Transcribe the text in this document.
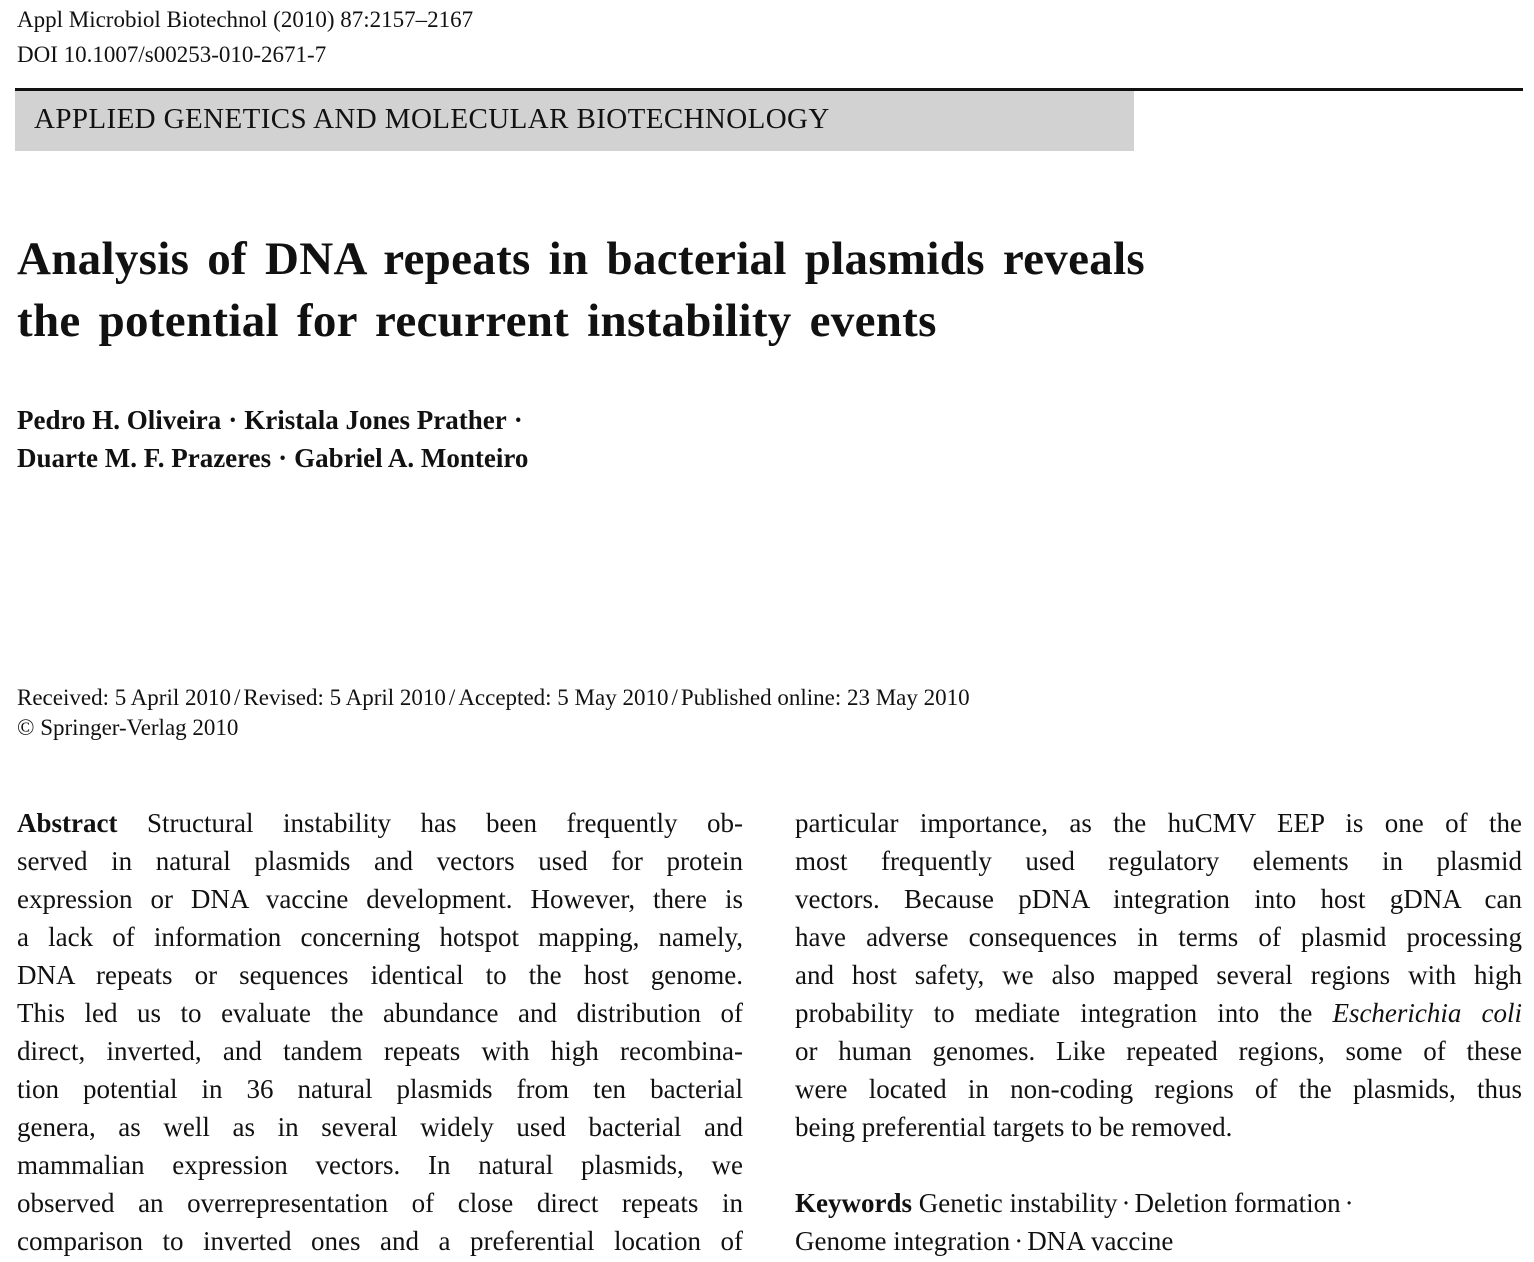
Appl Microbiol Biotechnol (2010) 87:2157–2167
DOI 10.1007/s00253-010-2671-7
APPLIED GENETICS AND MOLECULAR BIOTECHNOLOGY
Analysis of DNA repeats in bacterial plasmids reveals
the potential for recurrent instability events
Pedro H. Oliveira · Kristala Jones Prather ·
Duarte M. F. Prazeres · Gabriel A. Monteiro
Received: 5 April 2010 / Revised: 5 April 2010 / Accepted: 5 May 2010 / Published online: 23 May 2010
© Springer-Verlag 2010
Abstract Structural instability has been frequently ob-
served in natural plasmids and vectors used for protein
expression or DNA vaccine development. However, there is
a lack of information concerning hotspot mapping, namely,
DNA repeats or sequences identical to the host genome.
This led us to evaluate the abundance and distribution of
direct, inverted, and tandem repeats with high recombina-
tion potential in 36 natural plasmids from ten bacterial
genera, as well as in several widely used bacterial and
mammalian expression vectors. In natural plasmids, we
observed an overrepresentation of close direct repeats in
comparison to inverted ones and a preferential location of
particular importance, as the huCMV EEP is one of the
most frequently used regulatory elements in plasmid
vectors. Because pDNA integration into host gDNA can
have adverse consequences in terms of plasmid processing
and host safety, we also mapped several regions with high
probability to mediate integration into the Escherichia coli
or human genomes. Like repeated regions, some of these
were located in non-coding regions of the plasmids, thus
being preferential targets to be removed.
Keywords Genetic instability · Deletion formation ·
Genome integration · DNA vaccine
